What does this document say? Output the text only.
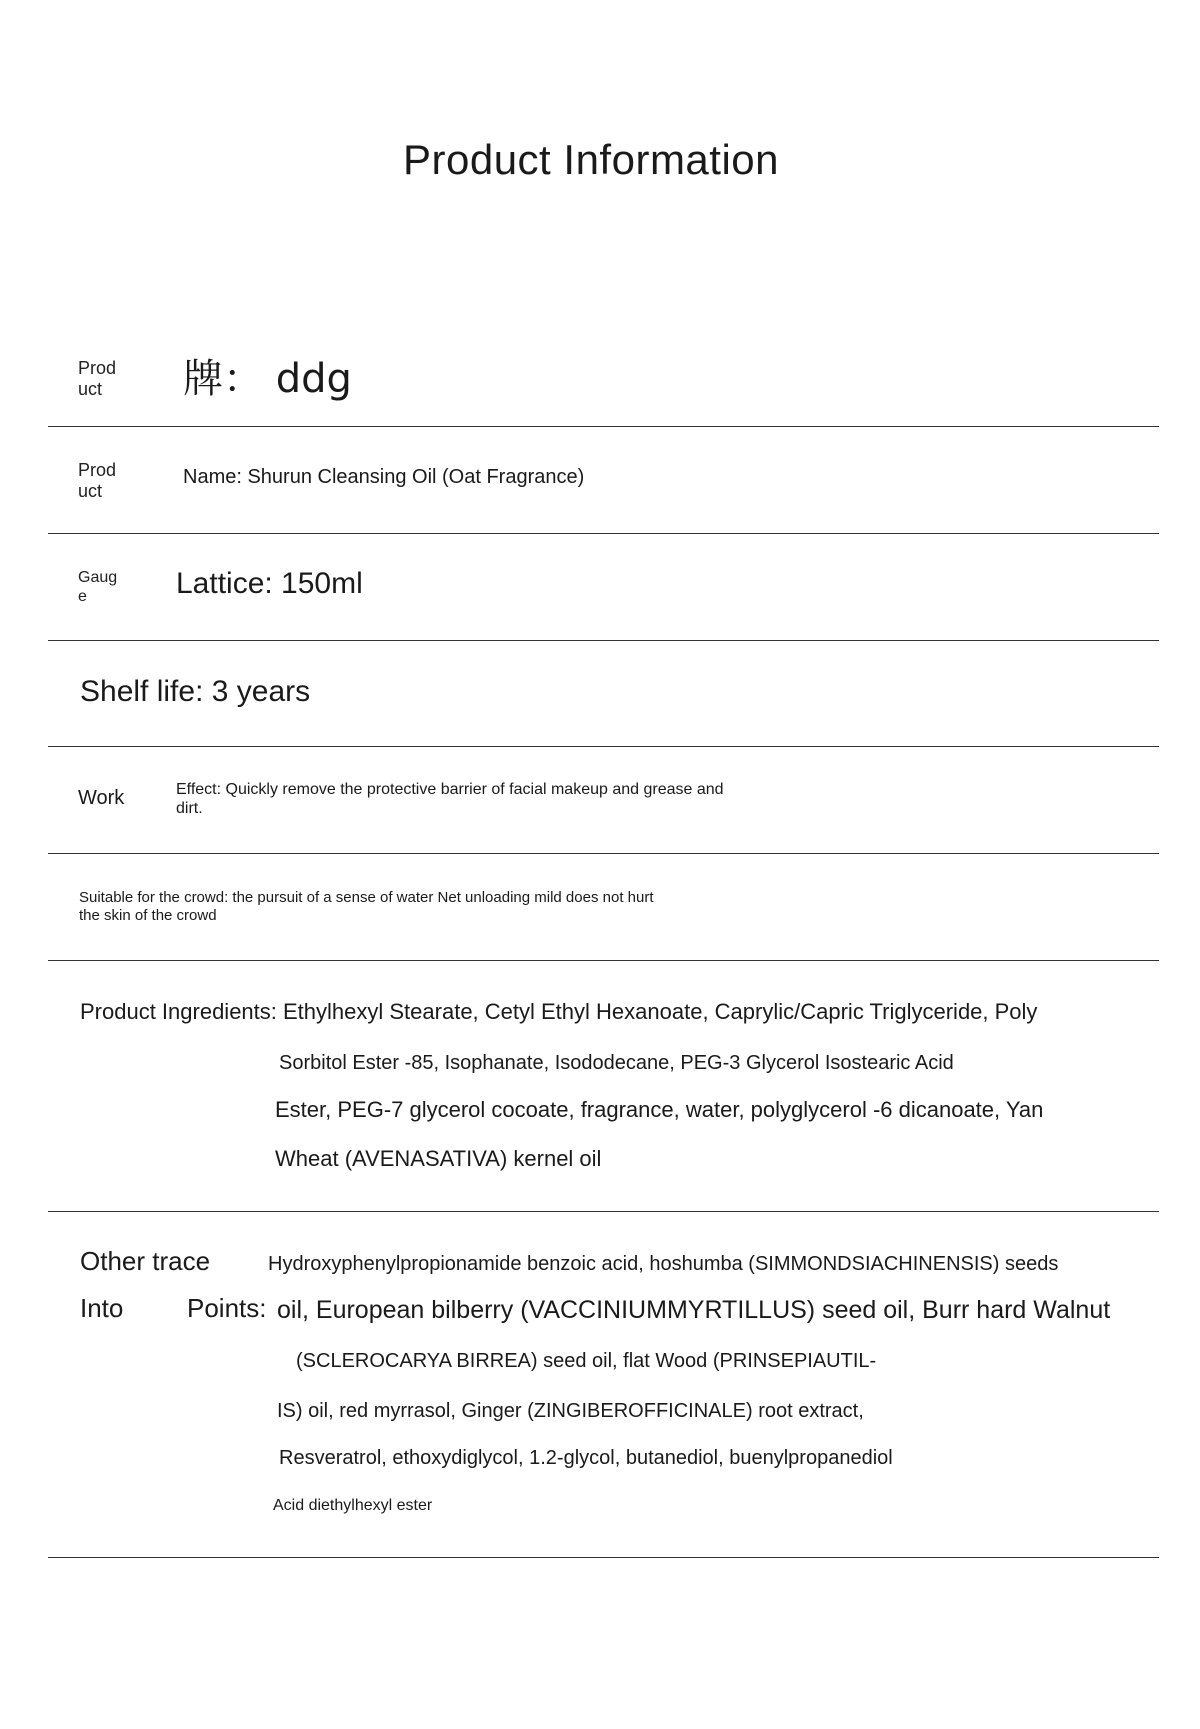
Product Information
Prod
uct 牌： ddg
Prod
uct
Name: Shurun Cleansing Oil (Oat Fragrance)
Gaug
e	Lattice: 150ml
Shelf life: 3 years
Work	Effect: Quickly remove the protective barrier of facial makeup and grease and
dirt.
Suitable for the crowd: the pursuit of a sense of water Net unloading mild does not hurt
the skin of the crowd
Product Ingredients: Ethylhexyl Stearate, Cetyl Ethyl Hexanoate, Caprylic/Capric Triglyceride, Poly
Sorbitol Ester -85, Isophanate, Isododecane, PEG-3 Glycerol Isostearic Acid
Ester, PEG-7 glycerol cocoate, fragrance, water, polyglycerol -6 dicanoate, Yan
Wheat (AVENASATIVA) kernel oil
Other trace
Into Points:
Hydroxyphenylpropionamide benzoic acid, hoshumba (SIMMONDSIACHINENSIS) seeds
oil, European bilberry (VACCINIUMMYRTILLUS) seed oil, Burr hard Walnut
(SCLEROCARYA BIRREA) seed oil, flat Wood (PRINSEPIAUTIL-
IS) oil, red myrrasol, Ginger (ZINGIBEROFFICINALE) root extract,
Resveratrol, ethoxydiglycol, 1.2-glycol, butanediol, buenylpropanediol
Acid diethylhexyl ester
